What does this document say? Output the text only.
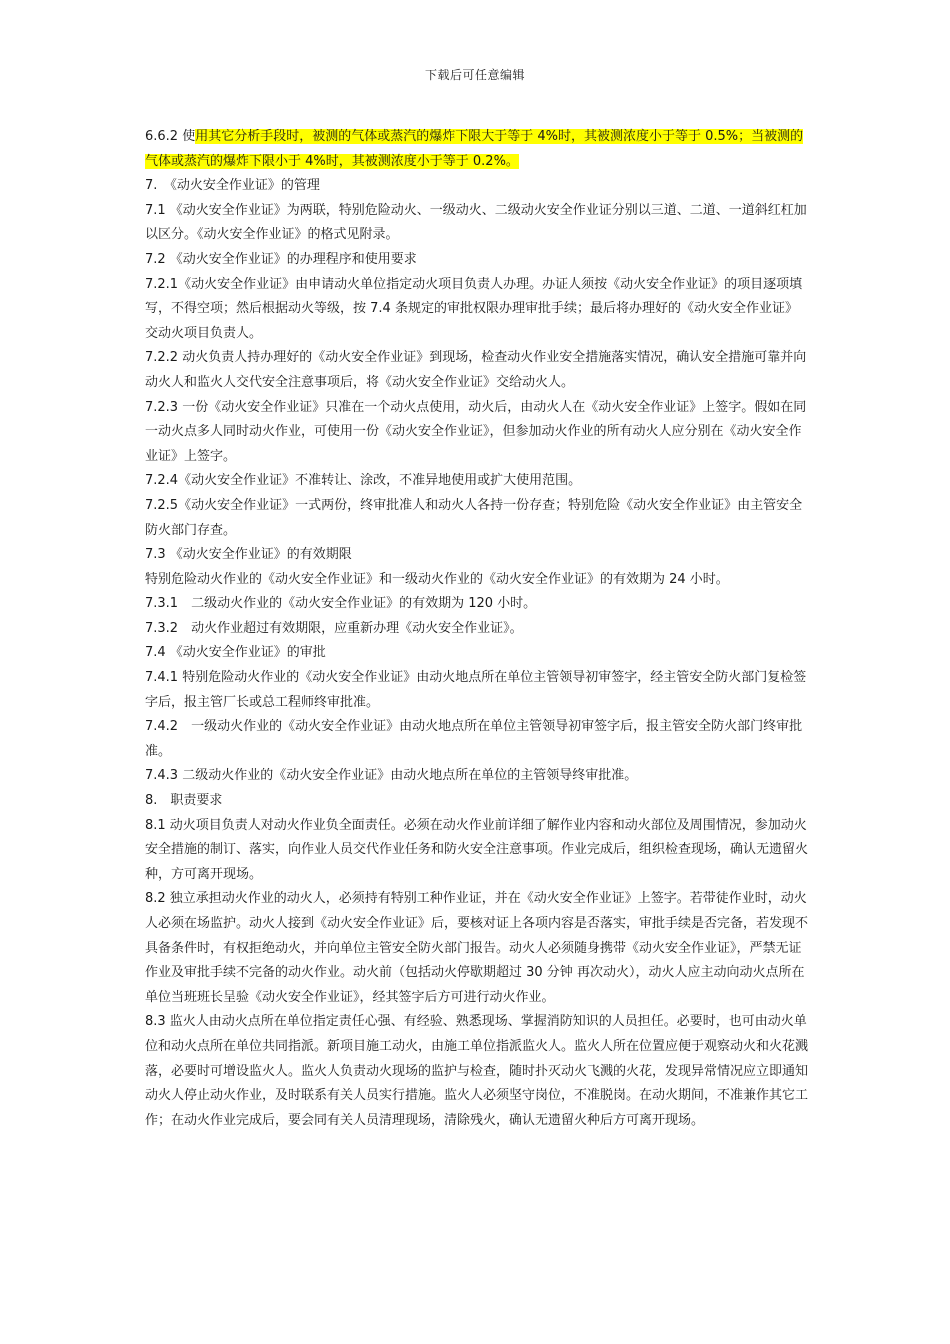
下载后可任意编辑

6.6.2 使用其它分析手段时，被测的气体或蒸汽的爆炸下限大于等于 4%时，其被测浓度小于等于 0.5%；当被测的气体或蒸汽的爆炸下限小于 4%时，其被测浓度小于等于 0.2%。

7.　《动火安全作业证》的管理

7.1 《动火安全作业证》为两联，特别危险动火、一级动火、二级动火安全作业证分别以三道、二道、一道斜红杠加以区分。《动火安全作业证》的格式见附录。

7.2 《动火安全作业证》的办理程序和使用要求

7.2.1《动火安全作业证》由申请动火单位指定动火项目负责人办理。办证人须按《动火安全作业证》的项目逐项填写，不得空项；然后根据动火等级，按 7.4 条规定的审批权限办理审批手续；最后将办理好的《动火安全作业证》交动火项目负责人。

7.2.2 动火负责人持办理好的《动火安全作业证》到现场，检查动火作业安全措施落实情况，确认安全措施可靠并向动火人和监火人交代安全注意事项后，将《动火安全作业证》交给动火人。

7.2.3 一份《动火安全作业证》只准在一个动火点使用，动火后，由动火人在《动火安全作业证》上签字。假如在同一动火点多人同时动火作业，可使用一份《动火安全作业证》，但参加动火作业的所有动火人应分别在《动火安全作业证》上签字。

7.2.4《动火安全作业证》不准转让、涂改，不准异地使用或扩大使用范围。

7.2.5《动火安全作业证》一式两份，终审批准人和动火人各持一份存查；特别危险《动火安全作业证》由主管安全防火部门存查。

7.3 《动火安全作业证》的有效期限

特别危险动火作业的《动火安全作业证》和一级动火作业的《动火安全作业证》的有效期为 24 小时。

7.3.1　二级动火作业的《动火安全作业证》的有效期为 120 小时。

7.3.2　动火作业超过有效期限，应重新办理《动火安全作业证》。

7.4 《动火安全作业证》的审批

7.4.1 特别危险动火作业的《动火安全作业证》由动火地点所在单位主管领导初审签字，经主管安全防火部门复检签字后，报主管厂长或总工程师终审批准。

7.4.2　一级动火作业的《动火安全作业证》由动火地点所在单位主管领导初审签字后，报主管安全防火部门终审批准。

7.4.3 二级动火作业的《动火安全作业证》由动火地点所在单位的主管领导终审批准。

8.　职责要求

8.1 动火项目负责人对动火作业负全面责任。必须在动火作业前详细了解作业内容和动火部位及周围情况，参加动火安全措施的制订、落实，向作业人员交代作业任务和防火安全注意事项。作业完成后，组织检查现场，确认无遗留火种，方可离开现场。

8.2 独立承担动火作业的动火人，必须持有特别工种作业证，并在《动火安全作业证》上签字。若带徒作业时，动火人必须在场监护。动火人接到《动火安全作业证》后，要核对证上各项内容是否落实，审批手续是否完备，若发现不具备条件时，有权拒绝动火，并向单位主管安全防火部门报告。动火人必须随身携带《动火安全作业证》，严禁无证作业及审批手续不完备的动火作业。动火前（包括动火停歇期超过 30 分钟 再次动火），动火人应主动向动火点所在单位当班班长呈验《动火安全作业证》，经其签字后方可进行动火作业。

8.3 监火人由动火点所在单位指定责任心强、有经验、熟悉现场、掌握消防知识的人员担任。必要时，也可由动火单位和动火点所在单位共同指派。新项目施工动火，由施工单位指派监火人。监火人所在位置应便于观察动火和火花溅落，必要时可增设监火人。监火人负责动火现场的监护与检查，随时扑灭动火飞溅的火花，发现异常情况应立即通知动火人停止动火作业，及时联系有关人员实行措施。监火人必须坚守岗位，不准脱岗。在动火期间，不准兼作其它工作；在动火作业完成后，要会同有关人员清理现场，清除残火，确认无遗留火种后方可离开现场。
